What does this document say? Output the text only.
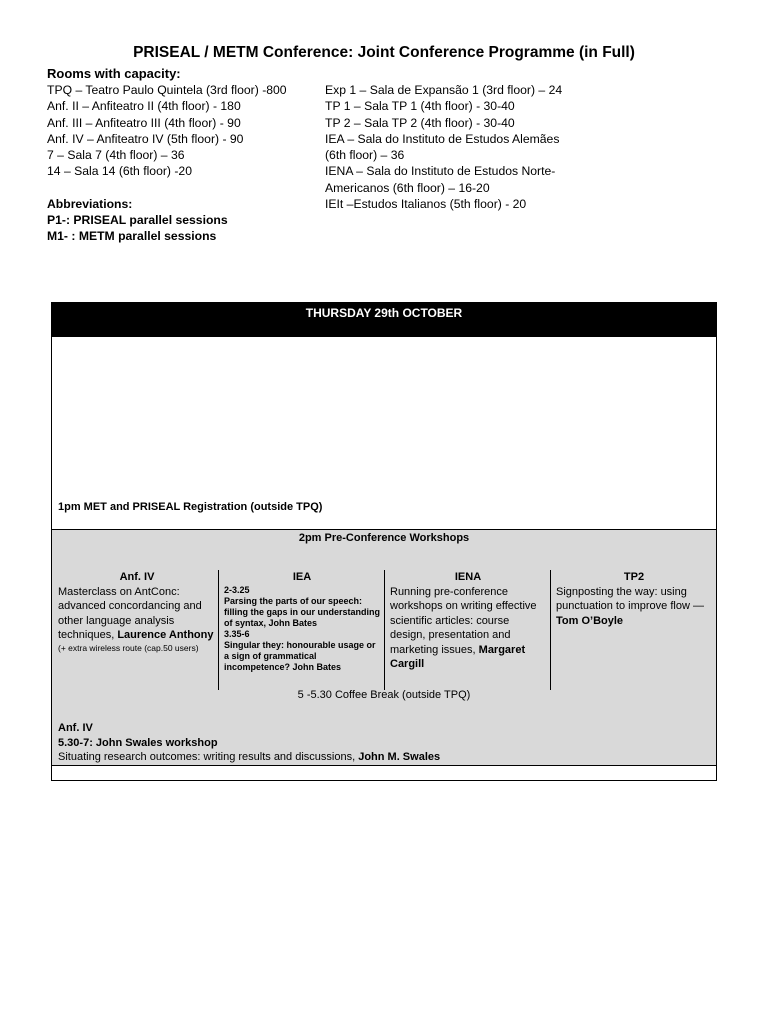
PRISEAL / METM Conference: Joint Conference Programme (in Full)
Rooms with capacity:
TPQ – Teatro Paulo Quintela (3rd floor) -800
Anf. II – Anfiteatro II (4th floor) - 180
Anf. III – Anfiteatro III (4th floor) - 90
Anf. IV – Anfiteatro IV (5th floor) - 90
7 – Sala 7 (4th floor) – 36
14 – Sala 14 (6th floor) -20
Abbreviations:
P1-: PRISEAL parallel sessions
M1- : METM parallel sessions
Exp 1 – Sala de Expansão 1 (3rd floor) – 24
TP 1 – Sala TP 1 (4th floor) - 30-40
TP 2 – Sala TP 2 (4th floor) - 30-40
IEA – Sala do Instituto de Estudos Alemães
(6th floor) – 36
IENA – Sala do Instituto de Estudos Norte-
Americanos (6th floor) – 16-20
IEIt –Estudos Italianos (5th floor) - 20
THURSDAY 29th OCTOBER
1pm MET and PRISEAL Registration (outside TPQ)
2pm Pre-Conference Workshops
Anf. IV
Masterclass on AntConc: advanced concordancing and other language analysis techniques, Laurence Anthony
(+ extra wireless route (cap.50 users)
IEA
2-3.25
Parsing the parts of our speech: filling the gaps in our understanding of syntax, John Bates
3.35-6
Singular they: honourable usage or a sign of grammatical incompetence? John Bates
IENA
Running pre-conference workshops on writing effective scientific articles: course design, presentation and marketing issues, Margaret Cargill
TP2
Signposting the way: using punctuation to improve flow — Tom O’Boyle
5 -5.30 Coffee Break (outside TPQ)
Anf. IV
5.30-7: John Swales workshop
Situating research outcomes: writing results and discussions, John M. Swales
